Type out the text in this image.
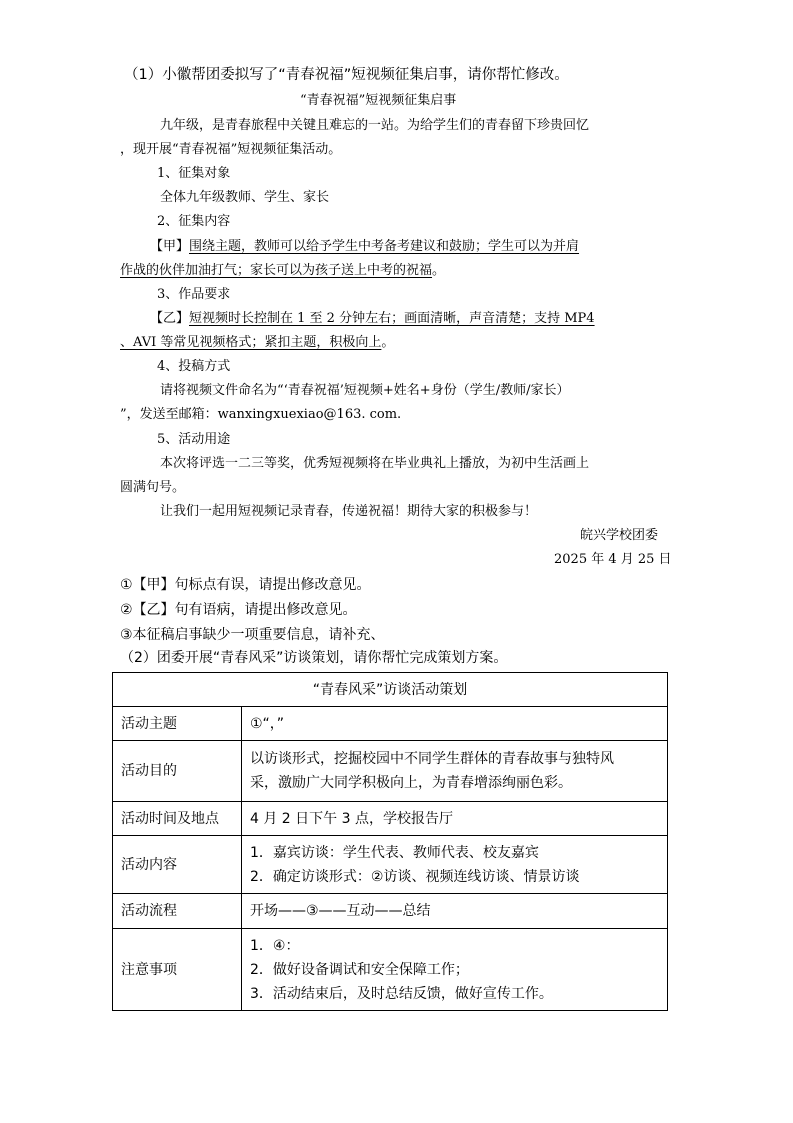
（1）小徽帮团委拟写了“青春祝福”短视频征集启事，请你帮忙修改。
“青春祝福”短视频征集启事
九年级，是青春旅程中关键且难忘的一站。为给学生们的青春留下珍贵回忆
，现开展“青春祝福”短视频征集活动。
1、征集对象
全体九年级教师、学生、家长
2、征集内容
【甲】围绕主题，教师可以给予学生中考备考建议和鼓励；学生可以为并肩
作战的伙伴加油打气；家长可以为孩子送上中考的祝福。
3、作品要求
【乙】短视频时长控制在 1 至 2 分钟左右；画面清晰，声音清楚；支持 MP4
、AVI 等常见视频格式；紧扣主题，积极向上。
4、投稿方式
请将视频文件命名为“‘青春祝福’短视频+姓名+身份（学生/教师/家长）
”，发送至邮箱：wanxingxuexiao@163. com.
5、活动用途
本次将评选一二三等奖，优秀短视频将在毕业典礼上播放，为初中生活画上
圆满句号。
让我们一起用短视频记录青春，传递祝福！期待大家的积极参与！
皖兴学校团委
2025 年 4 月 25 日
①【甲】句标点有误，请提出修改意见。
②【乙】句有语病，请提出修改意见。
③本征稿启事缺少一项重要信息，请补充、
（2）团委开展“青春风采”访谈策划，请你帮忙完成策划方案。
“青春风采”访谈活动策划	
活动主题	①“，”

活动目的	以访谈形式，挖掘校园中不同学生群体的青春故事与独特风
采，激励广大同学积极向上，为青春增添绚丽色彩。

活动时间及地点	4 月 2 日下午 3 点，学校报告厅

活动内容	1．嘉宾访谈：学生代表、教师代表、校友嘉宾
2．确定访谈形式：②访谈、视频连线访谈、情景访谈

活动流程	开场——③——互动——总结

注意事项	1．④：
2．做好设备调试和安全保障工作；
3．活动结束后，及时总结反馈，做好宣传工作。
